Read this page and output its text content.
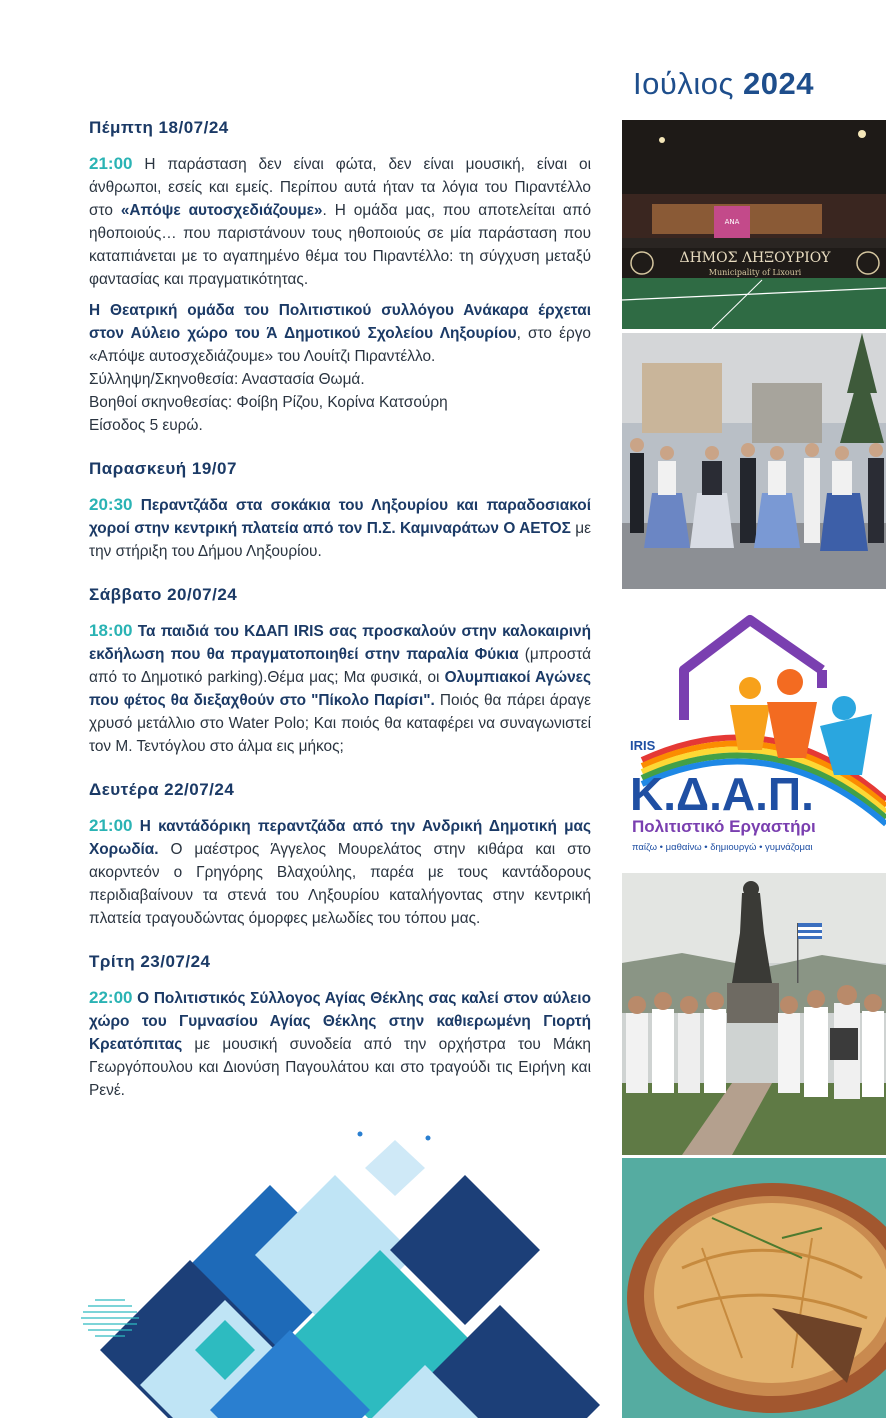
Ιούλιος 2024
Πέμπτη 18/07/24

21:00 Η παράσταση δεν είναι φώτα, δεν είναι μουσική, είναι οι άνθρωποι, εσείς και εμείς. Περίπου αυτά ήταν τα λόγια του Πιραντέλλο στο «Απόψε αυτοσχεδιάζουμε». Η ομάδα μας, που αποτελείται από ηθοποιούς… που παριστάνουν τους ηθοποιούς σε μία παράσταση που καταπιάνεται με το αγαπημένο θέμα του Πιραντέλλο: τη σύγχυση μεταξύ φαντασίας και πραγματικότητας.

Η Θεατρική ομάδα του Πολιτιστικού συλλόγου Ανάκαρα έρχεται στον Αύλειο χώρο του Ά Δημοτικού Σχολείου Ληξουρίου, στο έργο «Απόψε αυτοσχεδιάζουμε» του Λουίτζι Πιραντέλλο.

Σύλληψη/Σκηνοθεσία: Αναστασία Θωμά.

Βοηθοί σκηνοθεσίας: Φοίβη Ρίζου, Κορίνα Κατσούρη

Είσοδος 5 ευρώ.

Παρασκευή 19/07

20:30 Περαντζάδα στα σοκάκια του Ληξουρίου και παραδοσιακοί χοροί στην κεντρική πλατεία από τον Π.Σ. Καμιναράτων Ο ΑΕΤΟΣ με την στήριξη του Δήμου Ληξουρίου.

Σάββατο 20/07/24

18:00 Τα παιδιά του ΚΔΑΠ IRIS σας προσκαλούν στην καλοκαιρινή εκδήλωση που θα πραγματοποιηθεί στην παραλία Φύκια (μπροστά από το Δημοτικό parking).Θέμα μας; Μα φυσικά, οι Ολυμπιακοί Αγώνες που φέτος θα διεξαχθούν στο "Πίκολο Παρίσι". Ποιός θα πάρει άραγε χρυσό μετάλλιο στο Water Polo; Και ποιός θα καταφέρει να συναγωνιστεί τον Μ. Τεντόγλου στο άλμα εις μήκος;

Δευτέρα 22/07/24

21:00 Η καντάδόρικη περαντζάδα από την Ανδρική Δημοτική μας Χορωδία. Ο μαέστρος Άγγελος Μουρελάτος στην κιθάρα και στο ακορντεόν ο Γρηγόρης Βλαχούλης, παρέα με τους καντάδορους περιδιαβαίνουν τα στενά του Ληξουρίου καταλήγοντας στην κεντρική πλατεία τραγουδώντας όμορφες μελωδίες του τόπου μας.

Τρίτη 23/07/24

22:00 Ο Πολιτιστικός Σύλλογος Αγίας Θέκλης σας καλεί στον αύλειο χώρο του Γυμνασίου Αγίας Θέκλης στην καθιερωμένη Γιορτή Κρεατόπιτας με μουσική συνοδεία από την ορχήστρα του Μάκη Γεωργόπουλου και Διονύση Παγουλάτου και στο τραγούδι τις Ειρήνη και Ρενέ.

ΑΝΑ
ΔΗΜΟΣ ΛΗΞΟΥΡΙΟΥ
Municipality of Lixouri
IRIS
Κ.Δ.Α.Π.
Πολιτιστικό Εργαστήρι
παίζω • μαθαίνω • δημιουργώ • γυμνάζομαι
